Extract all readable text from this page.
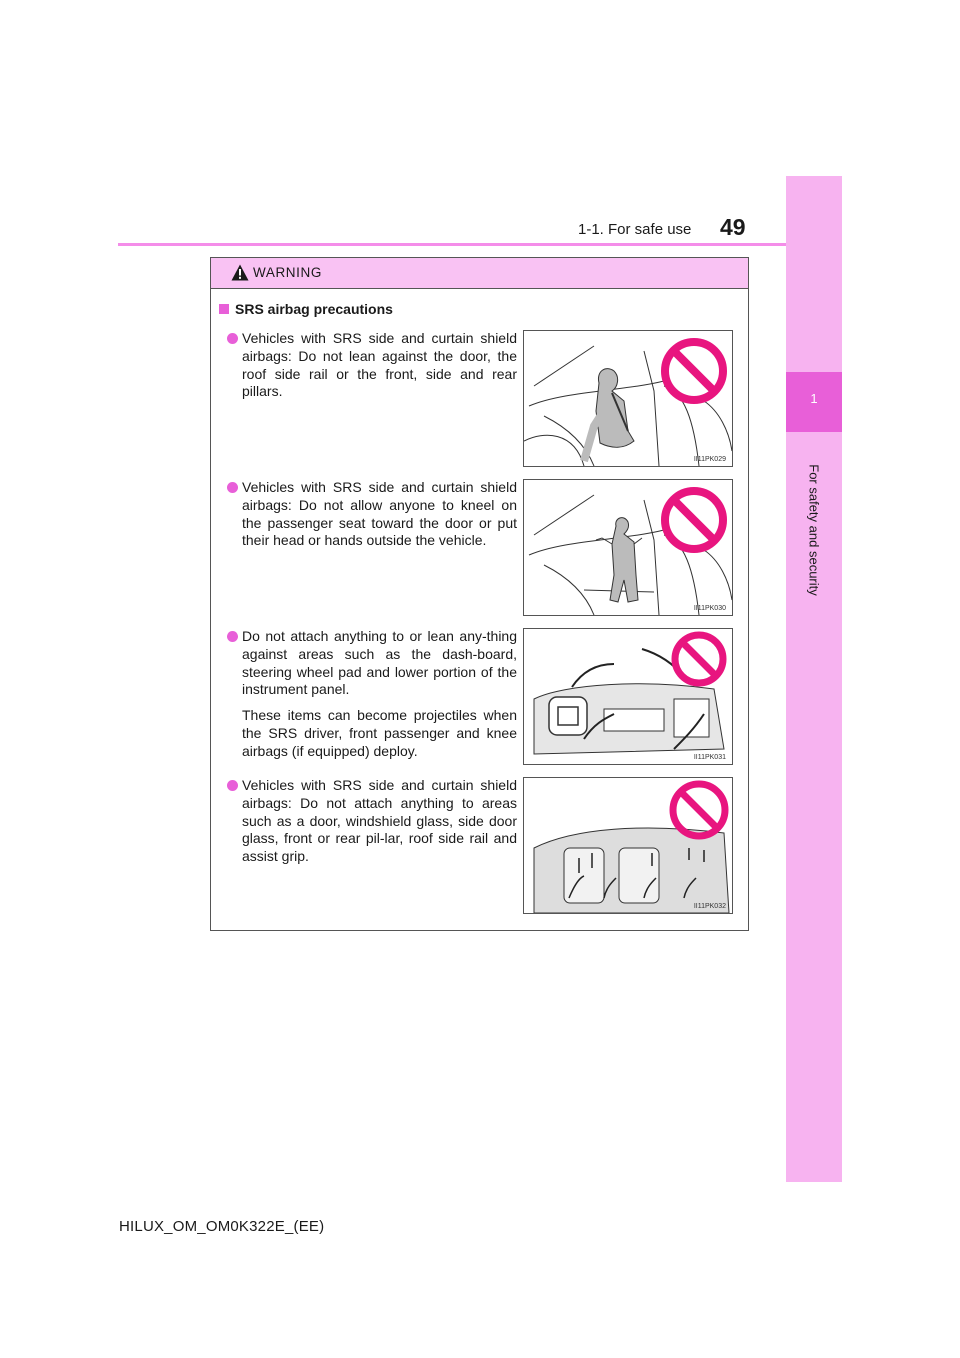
1
For safety and security
1-1. For safe use 49
WARNING
SRS airbag precautions
Vehicles with SRS side and curtain shield airbags: Do not lean against the door, the roof side rail or the front, side and rear pillars.
II11PK029
Vehicles with SRS side and curtain shield airbags: Do not allow anyone to kneel on the passenger seat toward the door or put their head or hands outside the vehicle.
II11PK030
Do not attach anything to or lean any-thing against areas such as the dash-board, steering wheel pad and lower portion of the instrument panel.
These items can become projectiles when the SRS driver, front passenger and knee airbags (if equipped) deploy.	II11PK031
Vehicles with SRS side and curtain shield airbags: Do not attach anything to areas such as a door, windshield glass, side door glass, front or rear pil-lar, roof side rail and assist grip.
II11PK032
HILUX_OM_OM0K322E_(EE)
